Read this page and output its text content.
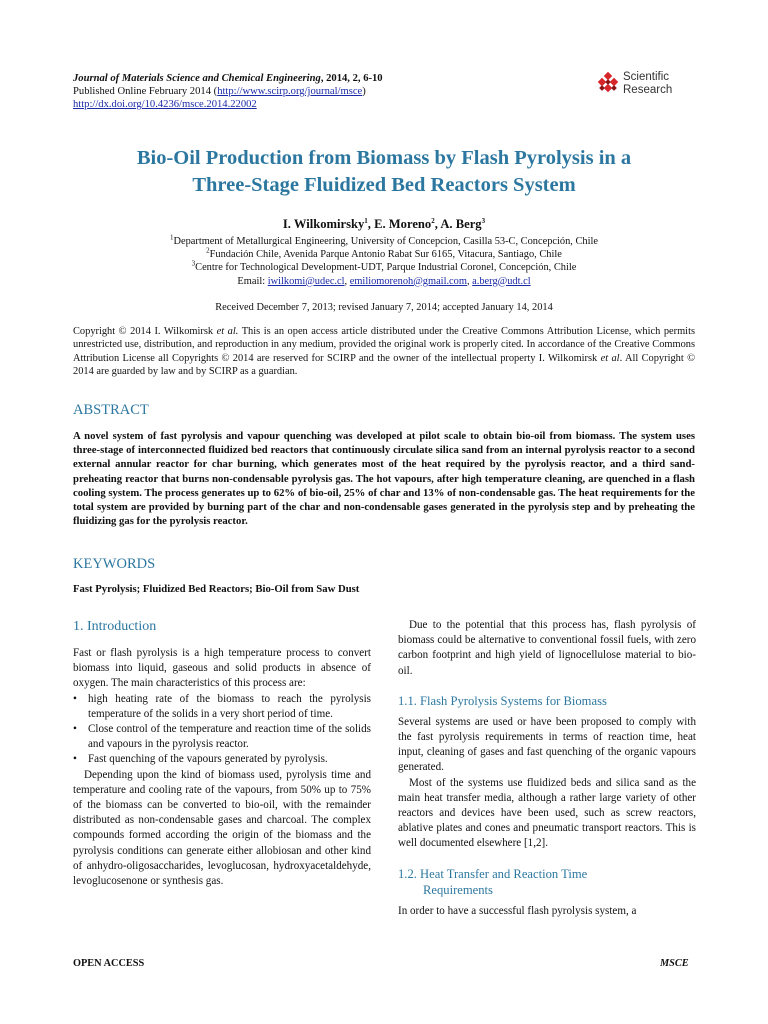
Journal of Materials Science and Chemical Engineering, 2014, 2, 6-10
Published Online February 2014 (http://www.scirp.org/journal/msce)
http://dx.doi.org/10.4236/msce.2014.22002
Scientific
Research
Bio-Oil Production from Biomass by Flash Pyrolysis in a
Three-Stage Fluidized Bed Reactors System
I. Wilkomirsky$^1$, E. Moreno$^2$, A. Berg$^3$
$^1$Department of Metallurgical Engineering, University of Concepcion, Casilla 53-C, Concepción, Chile
$^2$Fundación Chile, Avenida Parque Antonio Rabat Sur 6165, Vitacura, Santiago, Chile
$^3$Centre for Technological Development-UDT, Parque Industrial Coronel, Concepción, Chile
Email: iwilkomi@udec.cl, emiliomorenoh@gmail.com, a.berg@udt.cl
Received December 7, 2013; revised January 7, 2014; accepted January 14, 2014
Copyright © 2014 I. Wilkomirsk et al. This is an open access article distributed under the Creative Commons Attribution License, which permits unrestricted use, distribution, and reproduction in any medium, provided the original work is properly cited. In accordance of the Creative Commons Attribution License all Copyrights © 2014 are reserved for SCIRP and the owner of the intellectual property I. Wilkomirsk et al. All Copyright © 2014 are guarded by law and by SCIRP as a guardian.
ABSTRACT
A novel system of fast pyrolysis and vapour quenching was developed at pilot scale to obtain bio-oil from biomass. The system uses three-stage of interconnected fluidized bed reactors that continuously circulate silica sand from an internal pyrolysis reactor to a second external annular reactor for char burning, which generates most of the heat required by the pyrolysis reactor, and a third sand-preheating reactor that burns non-condensable pyrolysis gas. The hot vapours, after high temperature cleaning, are quenched in a flash cooling system. The process generates up to 62% of bio-oil, 25% of char and 13% of non-condensable gas. The heat requirements for the total system are provided by burning part of the char and non-condensable gases generated in the pyrolysis step and by preheating the fluidizing gas for the pyrolysis reactor.
KEYWORDS
Fast Pyrolysis; Fluidized Bed Reactors; Bio-Oil from Saw Dust
1. Introduction

Fast or flash pyrolysis is a high temperature process to convert biomass into liquid, gaseous and solid products in absence of oxygen. The main characteristics of this process are:

• high heating rate of the biomass to reach the pyrolysis temperature of the solids in a very short period of time.
• Close control of the temperature and reaction time of the solids and vapours in the pyrolysis reactor.
• Fast quenching of the vapours generated by pyrolysis.

Depending upon the kind of biomass used, pyrolysis time and temperature and cooling rate of the vapours, from 50% up to 75% of the biomass can be converted to bio-oil, with the remainder distributed as non-condensable gases and charcoal. The complex compounds formed according the origin of the biomass and the pyrolysis conditions can generate either allobiosan and other kind of anhydro-oligosaccharides, levoglucosan, hydroxyacetaldehyde, levoglucosenone or synthesis gas.

Due to the potential that this process has, flash pyrolysis of biomass could be alternative to conventional fossil fuels, with zero carbon footprint and high yield of lignocellulose material to bio-oil.

1.1. Flash Pyrolysis Systems for Biomass

Several systems are used or have been proposed to comply with the fast pyrolysis requirements in terms of reaction time, heat input, cleaning of gases and fast quenching of the organic vapours generated.

Most of the systems use fluidized beds and silica sand as the main heat transfer media, although a rather large variety of other reactors and devices have been used, such as screw reactors, ablative plates and cones and pneumatic transport reactors. This is well documented elsewhere [1,2].

1.2. Heat Transfer and Reaction Time
Requirements

In order to have a successful flash pyrolysis system, a

OPEN ACCESS	MSCE
